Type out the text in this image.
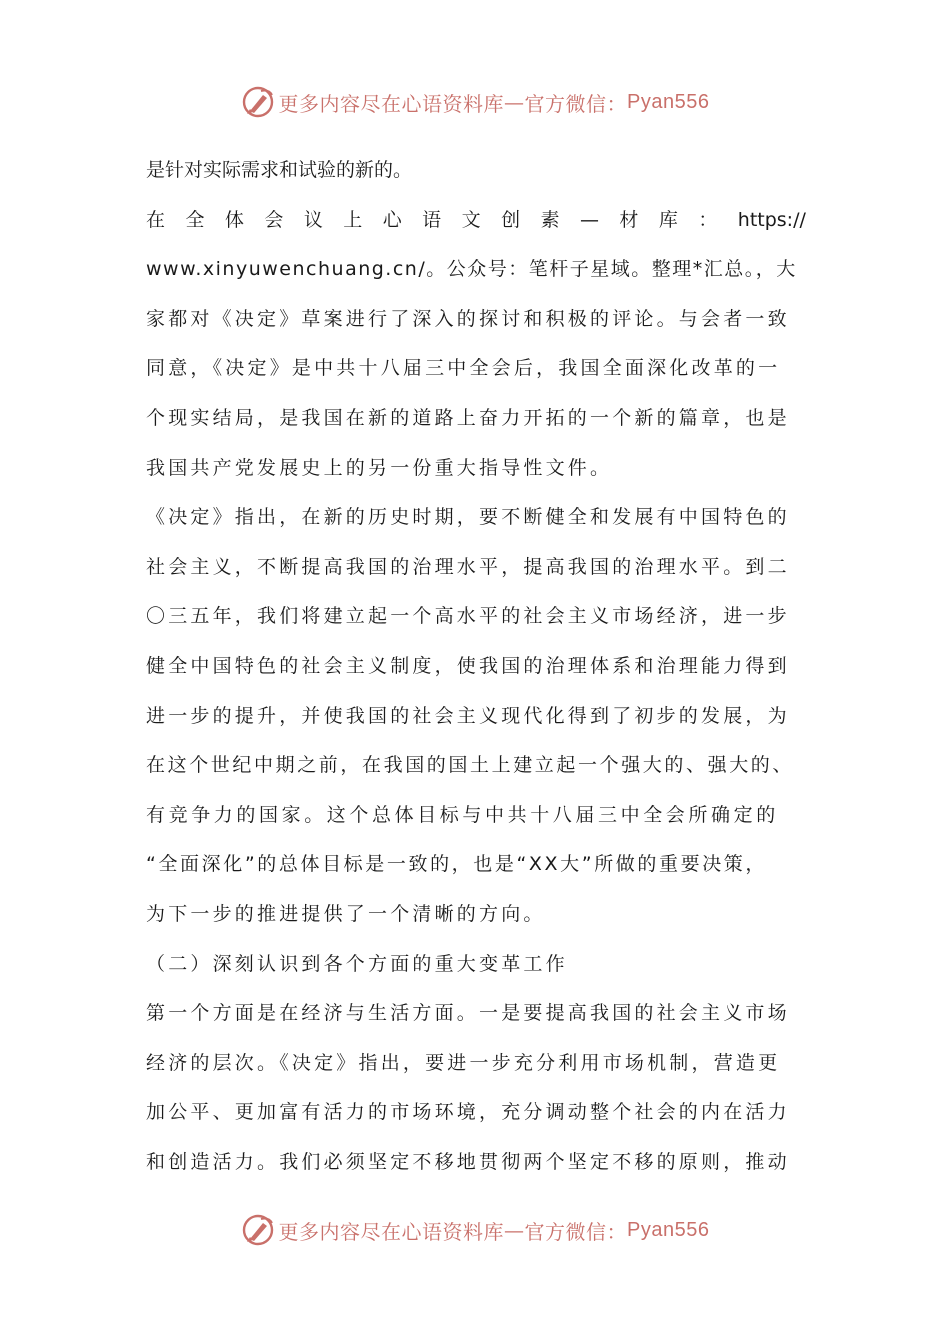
更多内容尽在心语资料库 — 官方微信： Pyan556
是针对实际需求和试验的新的。
在 全 体 会 议 上 心 语 文 创 素 — 材 库 ： https://
www.xinyuwenchuang.cn/。公众号：笔杆子星域。整理*汇总。，大
家都对《决定》草案进行了深入的探讨和积极的评论。与会者一致
同意，《决定》是中共十八届三中全会后，我国全面深化改革的一
个现实结局，是我国在新的道路上奋力开拓的一个新的篇章，也是
我国共产党发展史上的另一份重大指导性文件。
《决定》指出，在新的历史时期，要不断健全和发展有中国特色的
社会主义，不断提高我国的治理水平，提高我国的治理水平。到二
〇三五年，我们将建立起一个高水平的社会主义市场经济，进一步
健全中国特色的社会主义制度，使我国的治理体系和治理能力得到
进一步的提升，并使我国的社会主义现代化得到了初步的发展，为
在这个世纪中期之前，在我国的国土上建立起一个强大的、强大的、
有竞争力的国家。这个总体目标与中共十八届三中全会所确定的
“全面深化”的总体目标是一致的，也是“XX大”所做的重要决策，
为下一步的推进提供了一个清晰的方向。
（二）深刻认识到各个方面的重大变革工作
第一个方面是在经济与生活方面。一是要提高我国的社会主义市场
经济的层次。《决定》指出，要进一步充分利用市场机制，营造更
加公平、更加富有活力的市场环境，充分调动整个社会的内在活力
和创造活力。我们必须坚定不移地贯彻两个坚定不移的原则，推动
更多内容尽在心语资料库 — 官方微信： Pyan556
